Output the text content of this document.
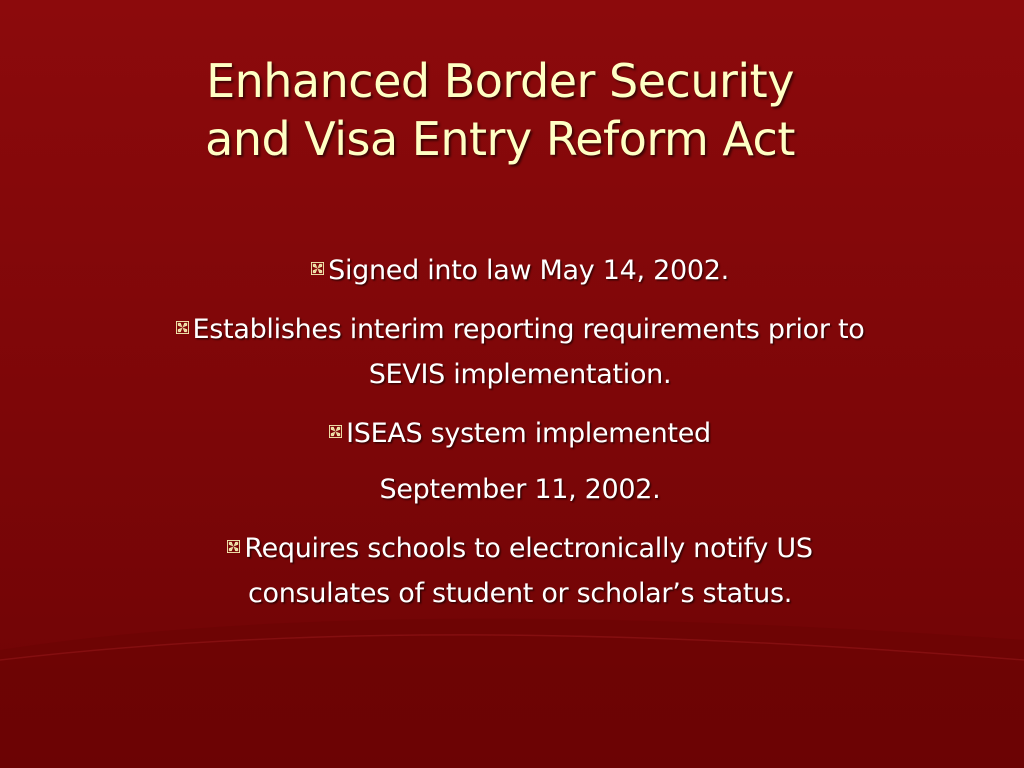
Enhanced Border Security
and Visa Entry Reform Act
Signed into law May 14, 2002.
Establishes interim reporting requirements prior to
SEVIS implementation.
ISEAS system implemented
September 11, 2002.
Requires schools to electronically notify US
consulates of student or scholar’s status.
